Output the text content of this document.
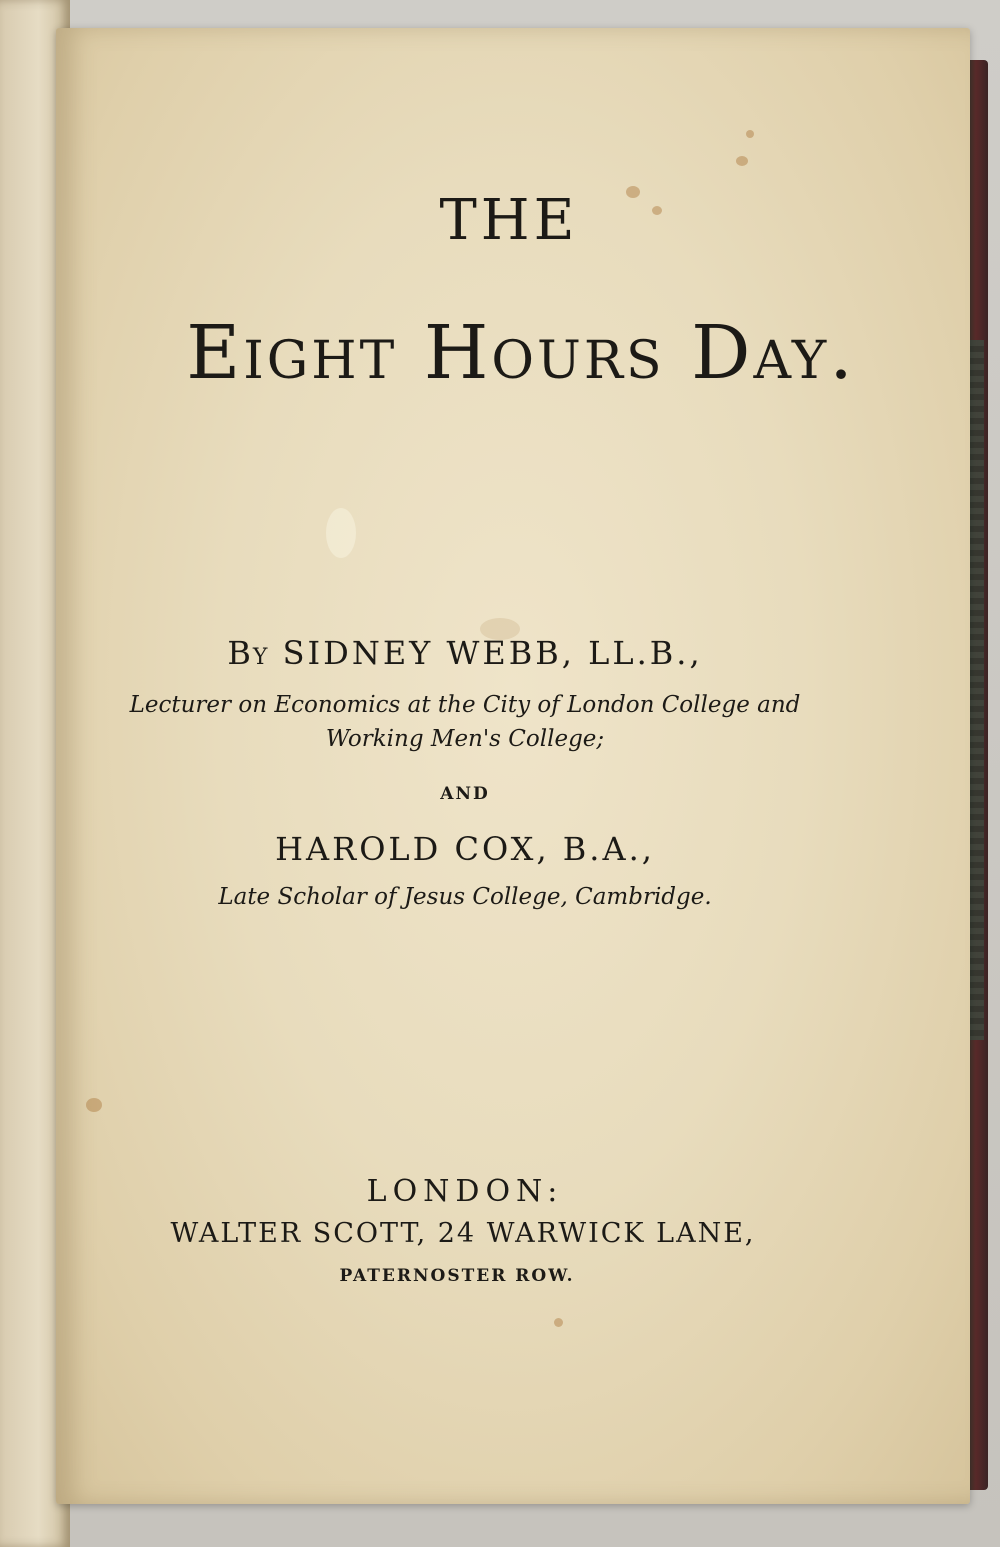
THE
Eight Hours Day.
By SIDNEY WEBB, LL.B.,
Lecturer on Economics at the City of London College and Working Men's College;
AND
HAROLD COX, B.A.,
Late Scholar of Jesus College, Cambridge.
LONDON:
WALTER SCOTT, 24 WARWICK LANE,
PATERNOSTER ROW.
